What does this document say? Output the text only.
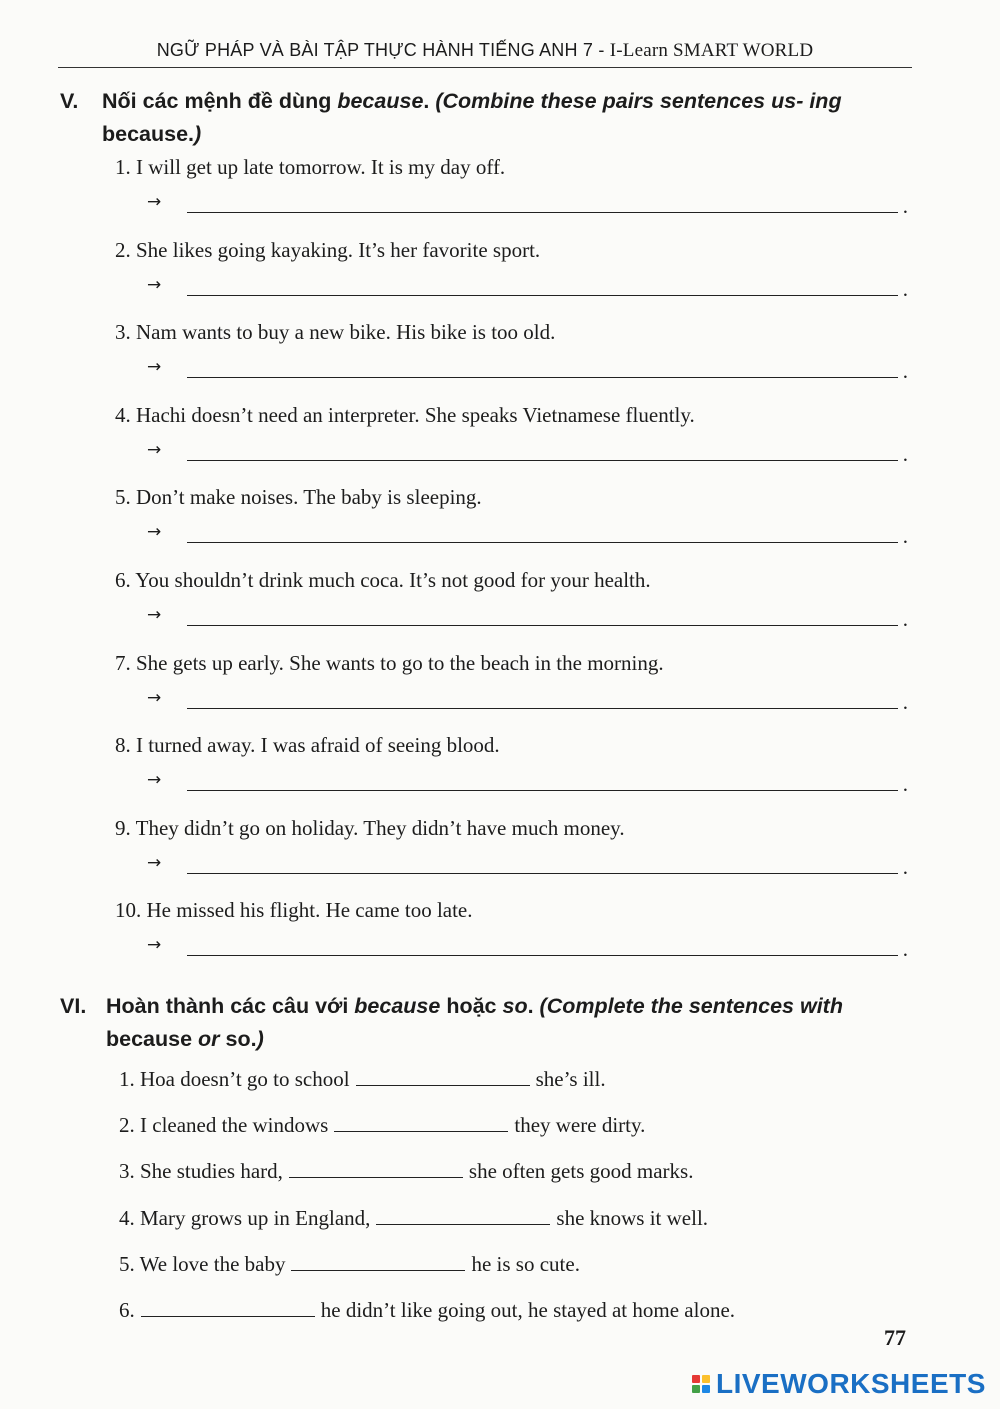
NGỮ PHÁP VÀ BÀI TẬP THỰC HÀNH TIẾNG ANH 7 - I-Learn SMART WORLD
V. Nối các mệnh đề dùng because. (Combine these pairs sentences us- ing because.)
1. I will get up late tomorrow. It is my day off.
→	.
2. She likes going kayaking. It’s her favorite sport.
→	.
3. Nam wants to buy a new bike. His bike is too old.
→	.
4. Hachi doesn’t need an interpreter. She speaks Vietnamese fluently.
→	.
5. Don’t make noises. The baby is sleeping.
→	.
6. You shouldn’t drink much coca. It’s not good for your health.
→	.
7. She gets up early. She wants to go to the beach in the morning.
→	.
8. I turned away. I was afraid of seeing blood.
→	.
9. They didn’t go on holiday. They didn’t have much money.
→	.
10. He missed his flight. He came too late.
→	.
VI. Hoàn thành các câu với because hoặc so. (Complete the sentences with because or so.)
1. Hoa doesn’t go to school	she’s ill.
2. I cleaned the windows	they were dirty.
3. She studies hard,	she often gets good marks.
4. Mary grows up in England,	she knows it well.
5. We love the baby	he is so cute.
6.	he didn’t like going out, he stayed at home alone.
77
LIVEWORKSHEETS
